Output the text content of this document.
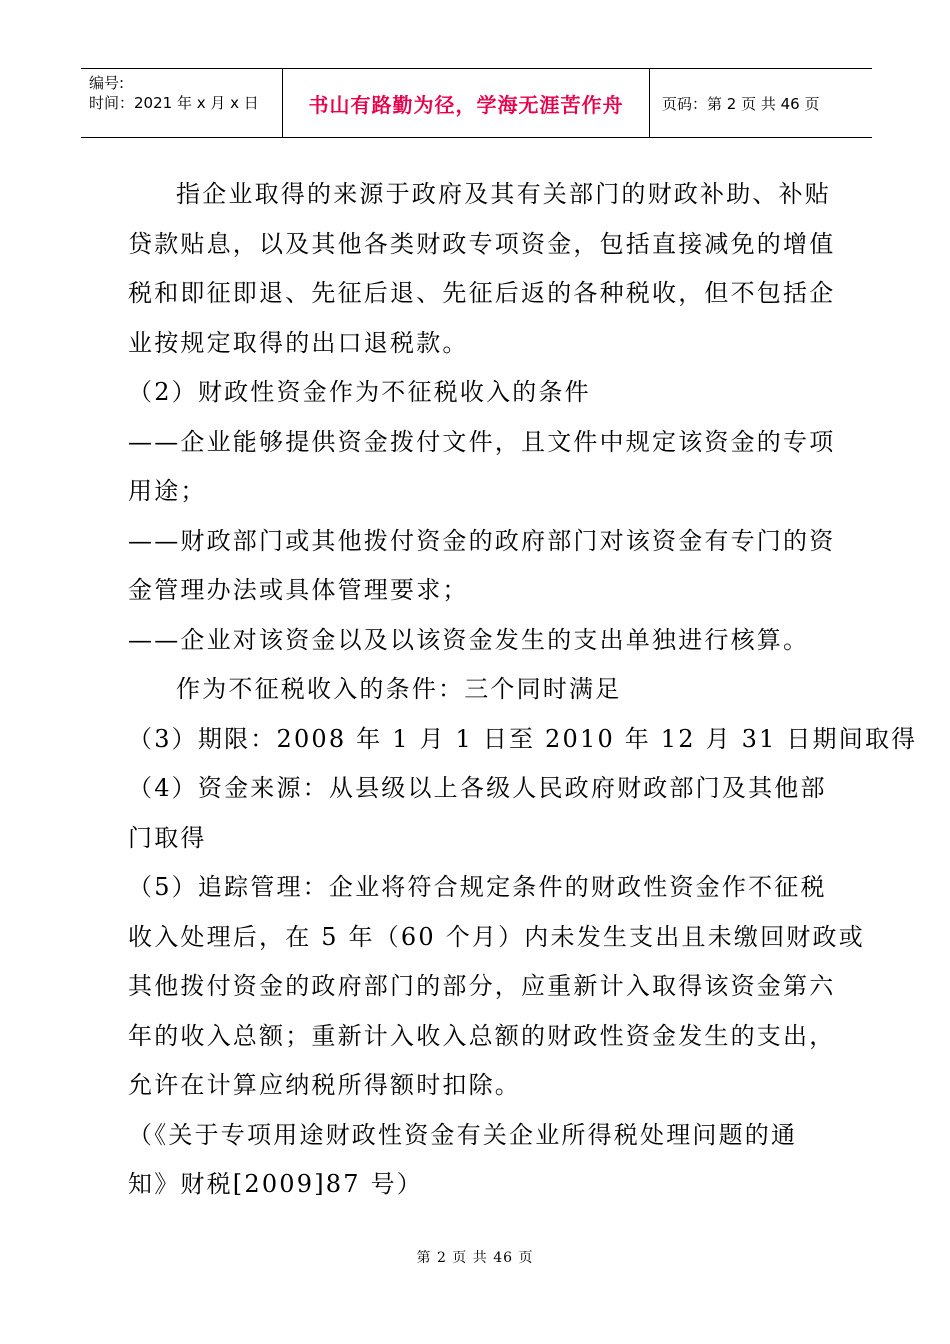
编号:
时间：2021 年 x 月 x 日	书山有路勤为径，学海无涯苦作舟	页码：第 2 页 共 46 页
指企业取得的来源于政府及其有关部门的财政补助、补贴
贷款贴息，以及其他各类财政专项资金，包括直接减免的增值
税和即征即退、先征后退、先征后返的各种税收，但不包括企
业按规定取得的出口退税款。
（2）财政性资金作为不征税收入的条件
——企业能够提供资金拨付文件，且文件中规定该资金的专项
用途；
——财政部门或其他拨付资金的政府部门对该资金有专门的资
金管理办法或具体管理要求；
——企业对该资金以及以该资金发生的支出单独进行核算。
作为不征税收入的条件：三个同时满足
（3）期限：2008 年 1 月 1 日至 2010 年 12 月 31 日期间取得
（4）资金来源：从县级以上各级人民政府财政部门及其他部
门取得
（5）追踪管理：企业将符合规定条件的财政性资金作不征税
收入处理后，在 5 年（60 个月）内未发生支出且未缴回财政或
其他拨付资金的政府部门的部分，应重新计入取得该资金第六
年的收入总额；重新计入收入总额的财政性资金发生的支出，
允许在计算应纳税所得额时扣除。
（《关于专项用途财政性资金有关企业所得税处理问题的通
知》财税[2009]87 号）
第 2 页 共 46 页
